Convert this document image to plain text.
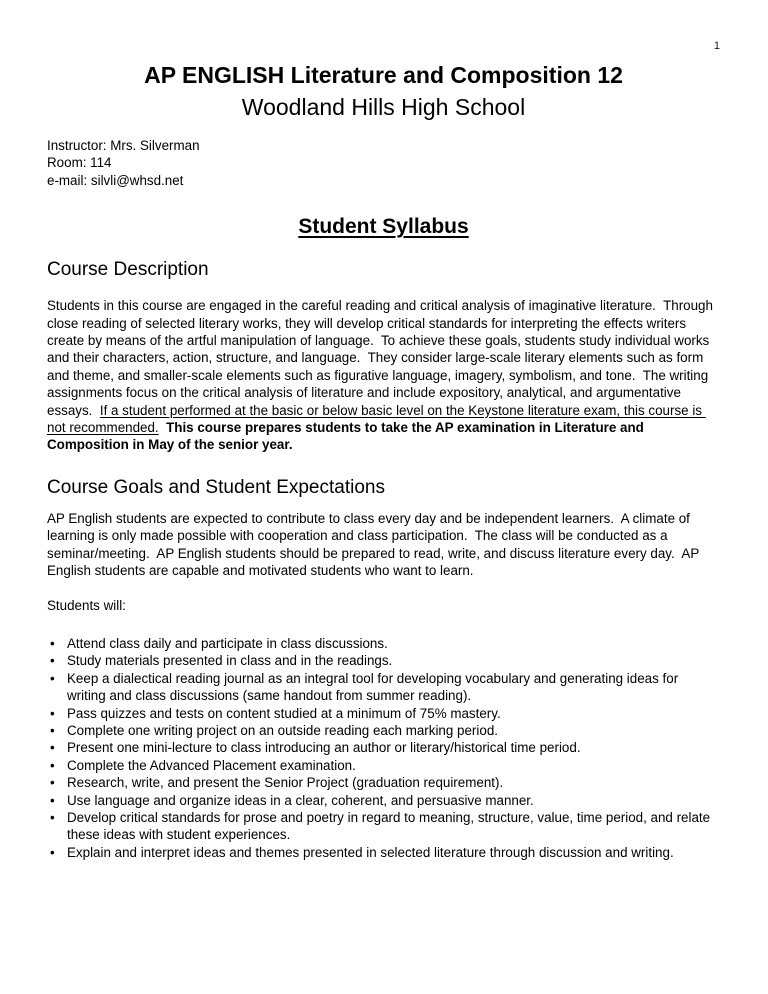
1
AP ENGLISH Literature and Composition 12
Woodland Hills High School
Instructor: Mrs. Silverman
Room: 114
e-mail: silvli@whsd.net
Student Syllabus
Course Description
Students in this course are engaged in the careful reading and critical analysis of imaginative literature.  Through close reading of selected literary works, they will develop critical standards for interpreting the effects writers create by means of the artful manipulation of language.  To achieve these goals, students study individual works and their characters, action, structure, and language.  They consider large-scale literary elements such as form and theme, and smaller-scale elements such as figurative language, imagery, symbolism, and tone.  The writing assignments focus on the critical analysis of literature and include expository, analytical, and argumentative essays.  If a student performed at the basic or below basic level on the Keystone literature exam, this course is not recommended.  This course prepares students to take the AP examination in Literature and Composition in May of the senior year.
Course Goals and Student Expectations
AP English students are expected to contribute to class every day and be independent learners.  A climate of learning is only made possible with cooperation and class participation.  The class will be conducted as a seminar/meeting.  AP English students should be prepared to read, write, and discuss literature every day.  AP English students are capable and motivated students who want to learn.
Students will:
• Attend class daily and participate in class discussions.
• Study materials presented in class and in the readings.
• Keep a dialectical reading journal as an integral tool for developing vocabulary and generating ideas for writing and class discussions (same handout from summer reading).
• Pass quizzes and tests on content studied at a minimum of 75% mastery.
• Complete one writing project on an outside reading each marking period.
• Present one mini-lecture to class introducing an author or literary/historical time period.
• Complete the Advanced Placement examination.
• Research, write, and present the Senior Project (graduation requirement).
• Use language and organize ideas in a clear, coherent, and persuasive manner.
• Develop critical standards for prose and poetry in regard to meaning, structure, value, time period, and relate these ideas with student experiences.
• Explain and interpret ideas and themes presented in selected literature through discussion and writing.
